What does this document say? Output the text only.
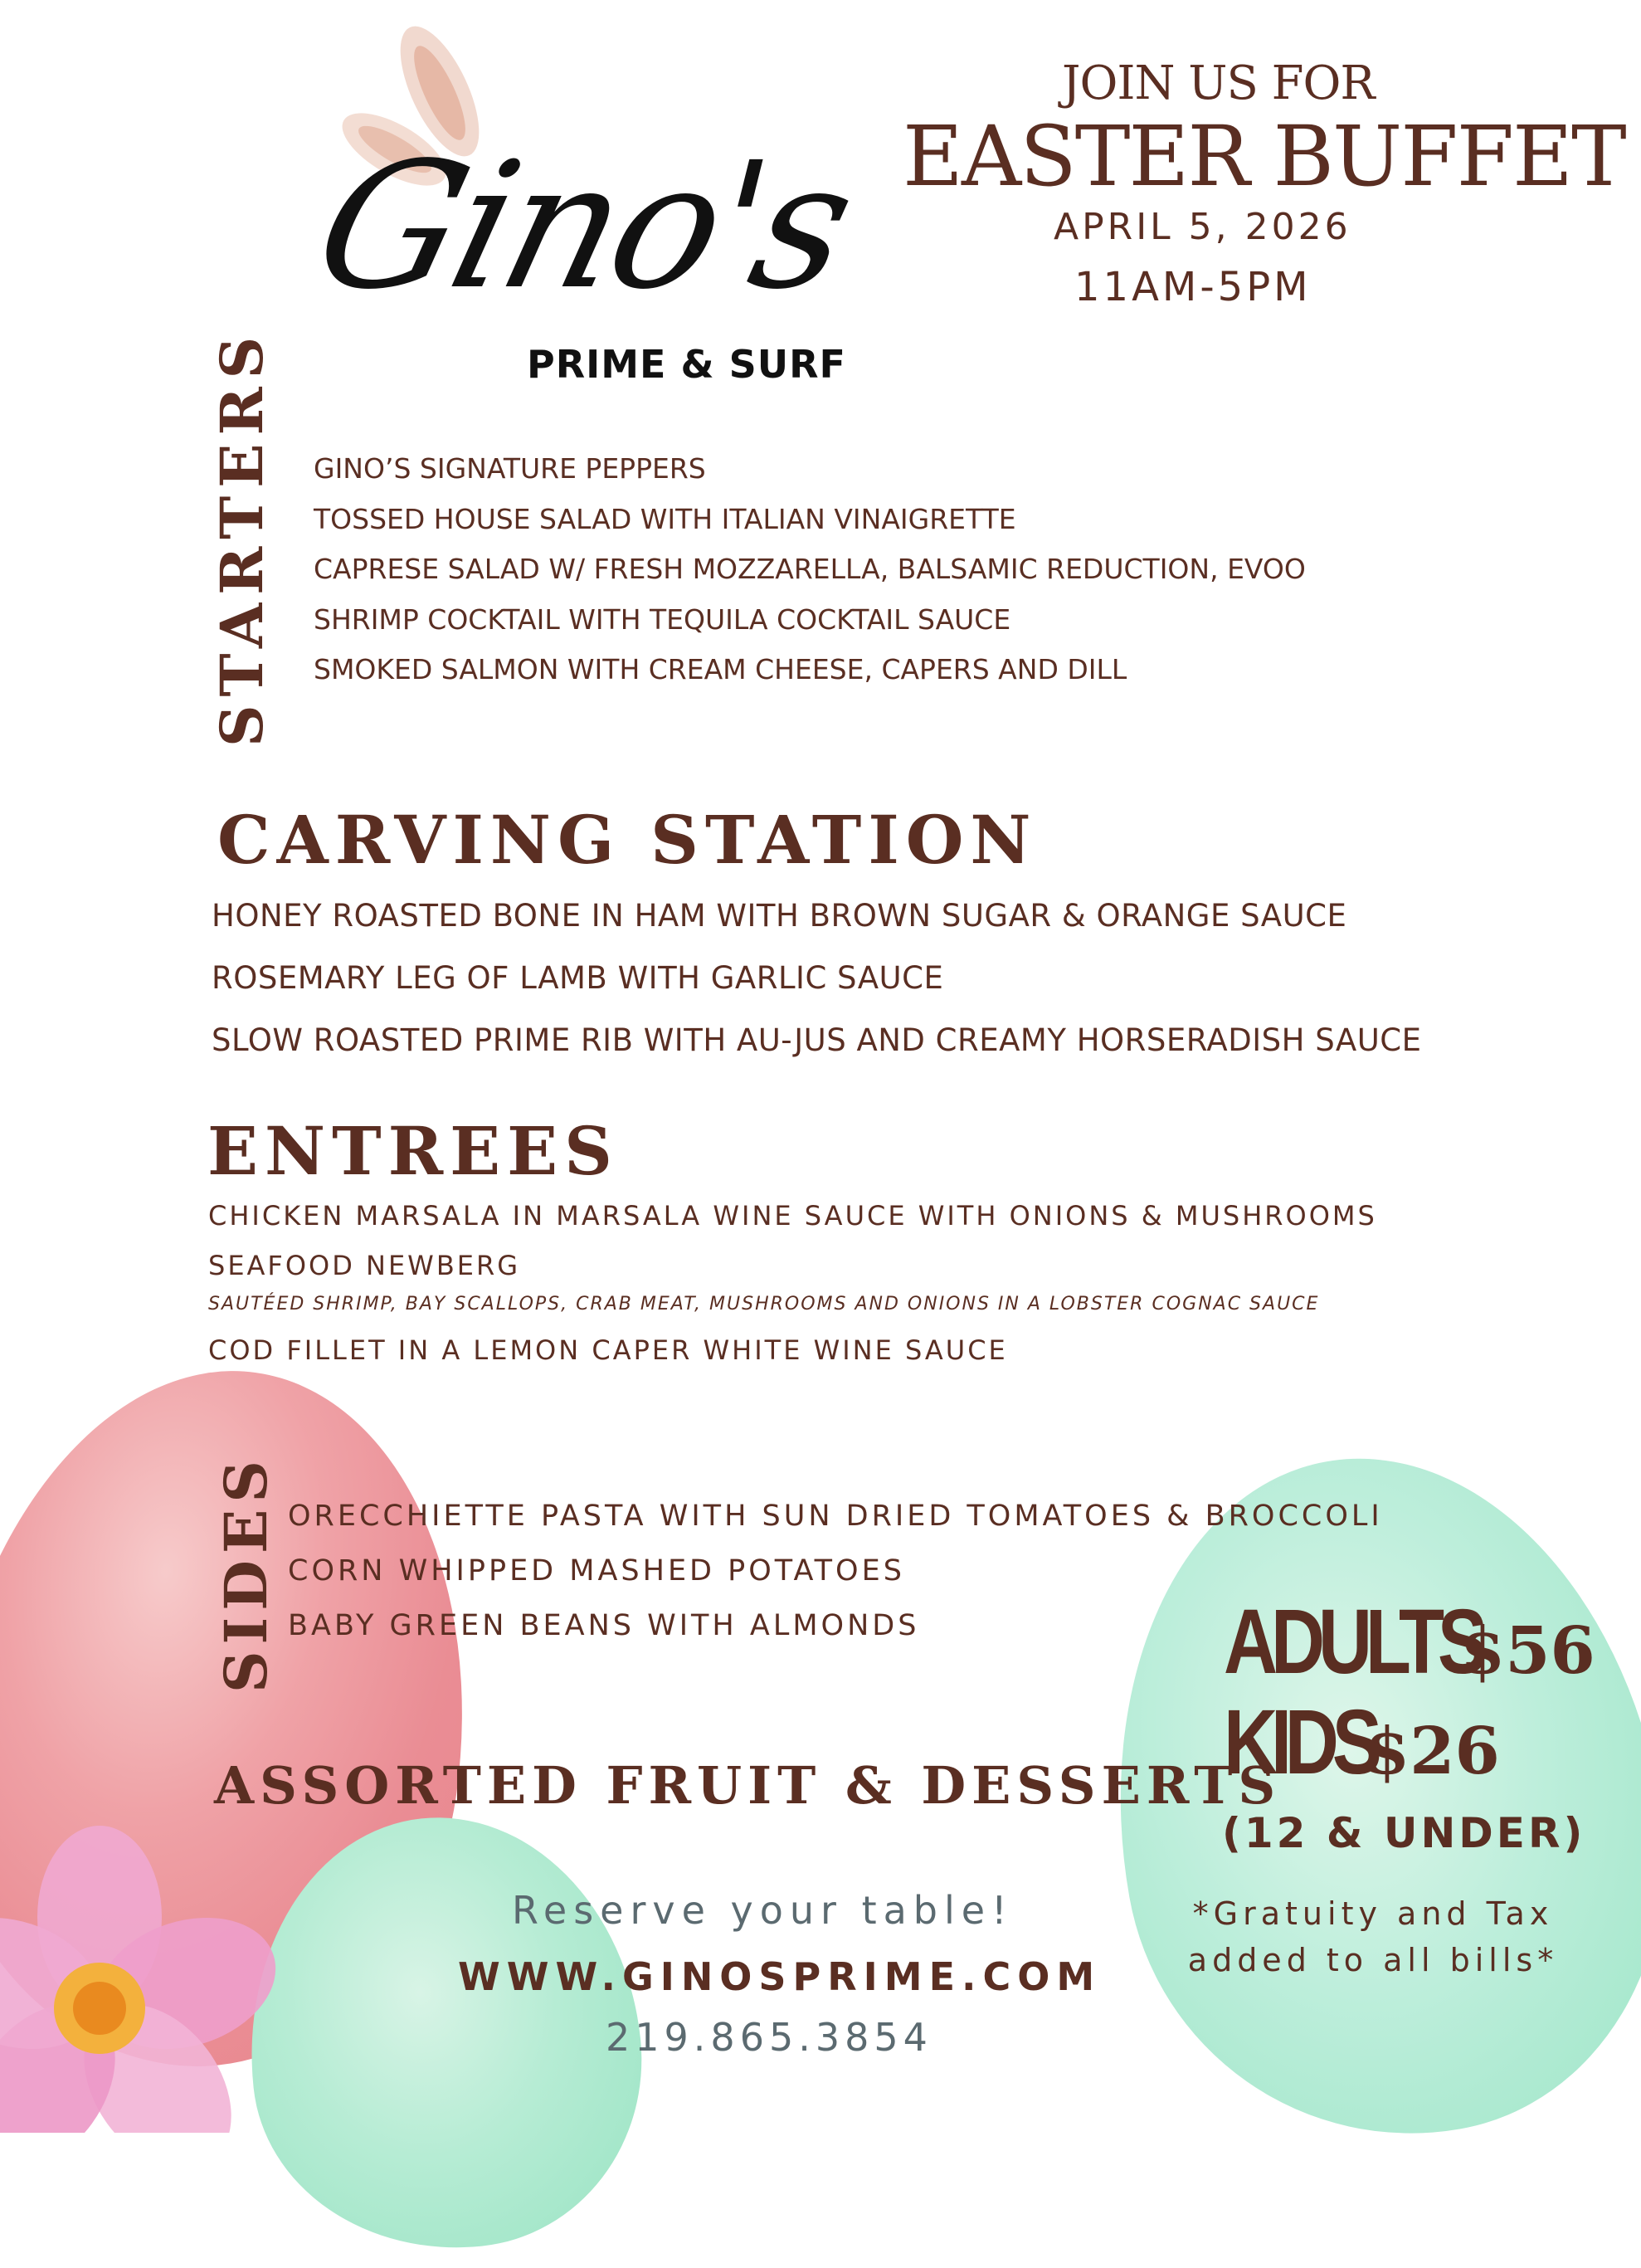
JOIN US FOR
EASTER BUFFET
APRIL 5, 2026
11AM-5PM
Gino's
PRIME & SURF
STARTERS GINO’S SIGNATURE PEPPERS
TOSSED HOUSE SALAD WITH ITALIAN VINAIGRETTE
CAPRESE SALAD W/ FRESH MOZZARELLA, BALSAMIC REDUCTION, EVOO
SHRIMP COCKTAIL WITH TEQUILA COCKTAIL SAUCE
SMOKED SALMON WITH CREAM CHEESE, CAPERS AND DILL
CARVING STATION
HONEY ROASTED BONE IN HAM WITH BROWN SUGAR & ORANGE SAUCE
ROSEMARY LEG OF LAMB WITH GARLIC SAUCE
SLOW ROASTED PRIME RIB WITH AU-JUS AND CREAMY HORSERADISH SAUCE
ENTREES
CHICKEN MARSALA IN MARSALA WINE SAUCE WITH ONIONS & MUSHROOMS
SEAFOOD NEWBERG
SAUTÉED SHRIMP, BAY SCALLOPS, CRAB MEAT, MUSHROOMS AND ONIONS IN A LOBSTER COGNAC SAUCE
COD FILLET IN A LEMON CAPER WHITE WINE SAUCE
SIDES ORECCHIETTE PASTA WITH SUN DRIED TOMATOES & BROCCOLI
CORN WHIPPED MASHED POTATOES
BABY GREEN BEANS WITH ALMONDS
ASSORTED FRUIT & DESSERTS
ADULTS$56
KIDS$26
(12 & UNDER)
*Gratuity and Tax
added to all bills*
Reserve your table!
WWW.GINOSPRIME.COM
219.865.3854
